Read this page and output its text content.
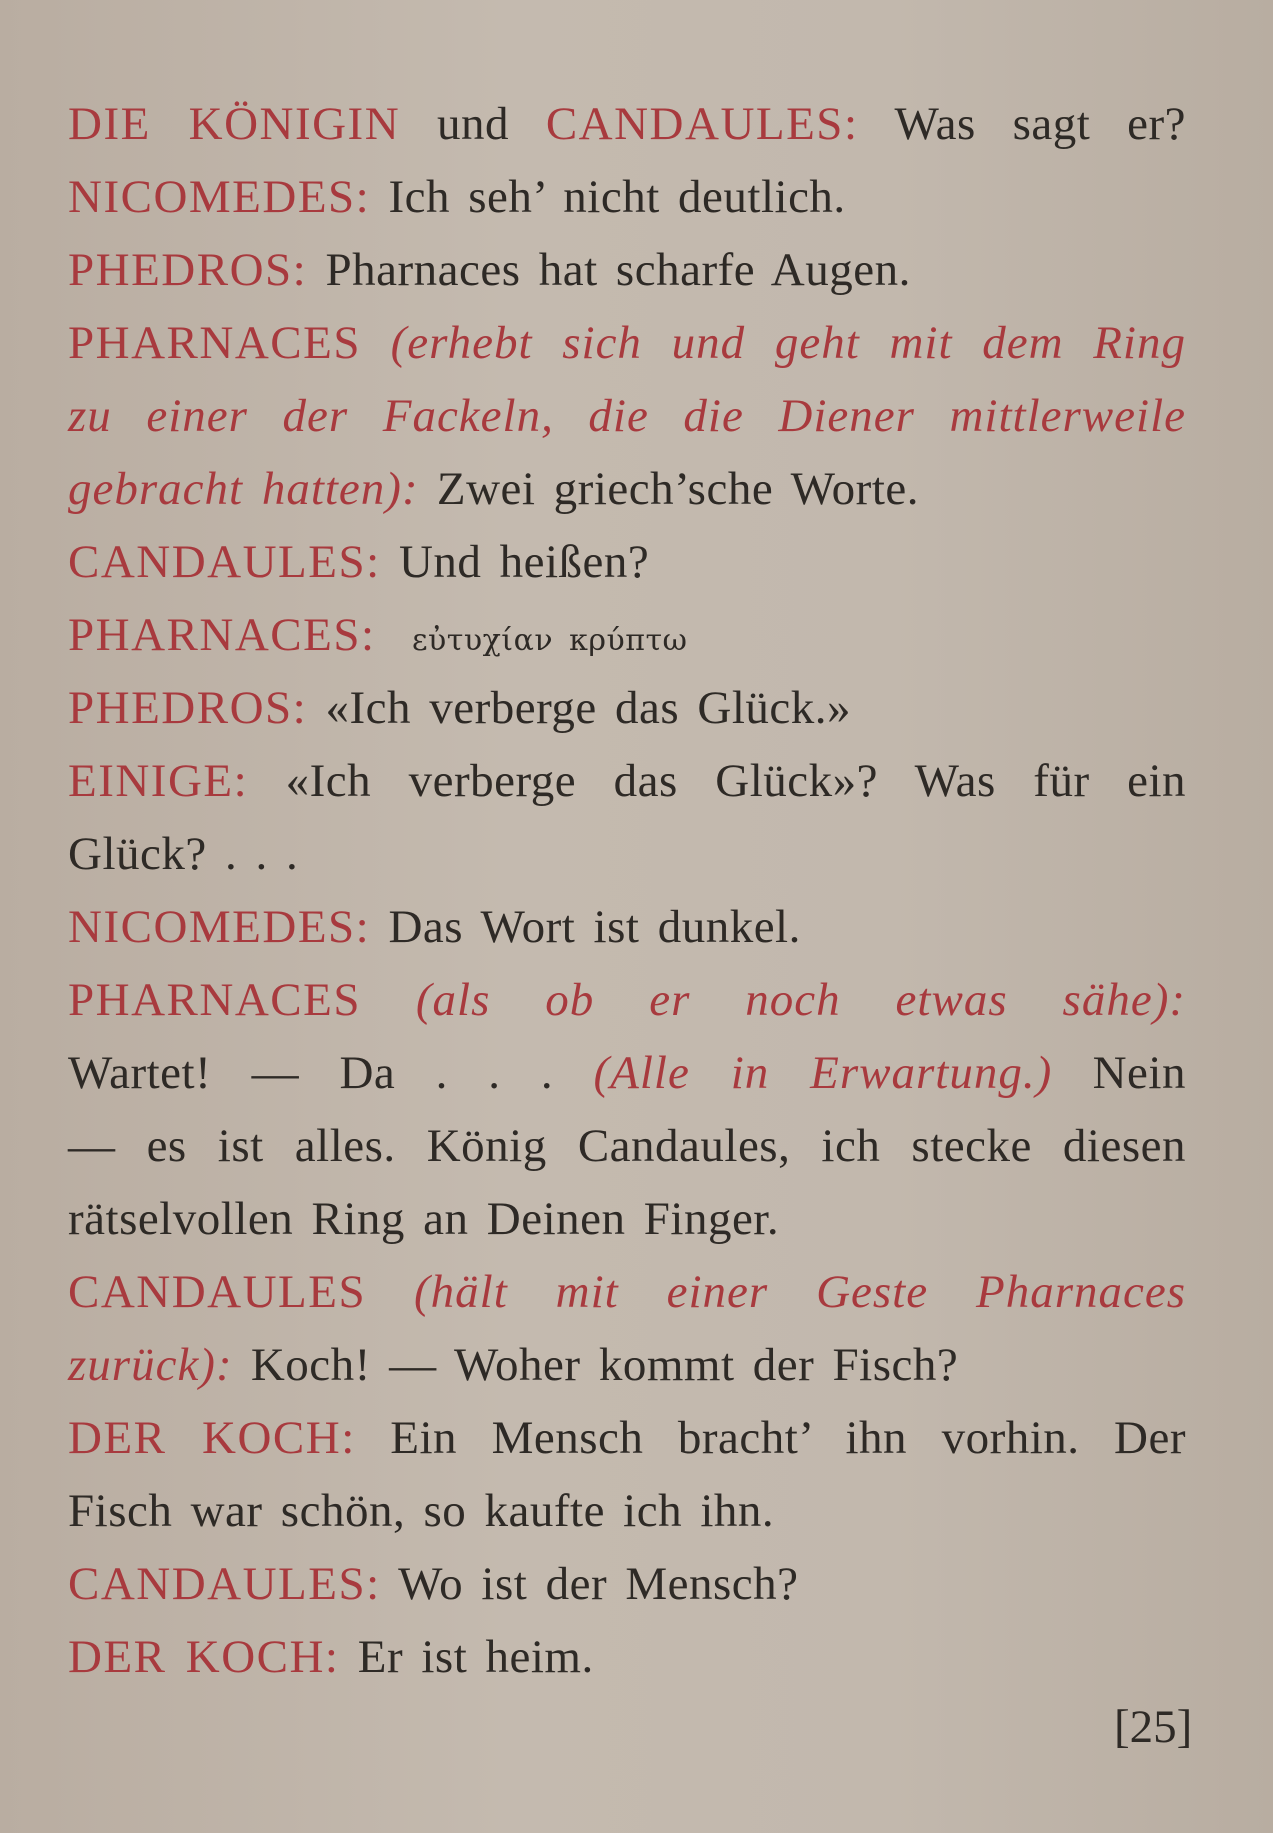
DIE KÖNIGIN und CANDAULES: Was sagt er?
NICOMEDES: Ich seh’ nicht deutlich.
PHEDROS: Pharnaces hat scharfe Augen.
PHARNACES (erhebt sich und geht mit dem Ring
zu einer der Fackeln, die die Diener mittlerweile
gebracht hatten): Zwei griech’sche Worte.
CANDAULES: Und heißen?
PHARNACES: εὐτυχίαν κρύπτω
PHEDROS: «Ich verberge das Glück.»
EINIGE: «Ich verberge das Glück»? Was für ein
Glück? . . .
NICOMEDES: Das Wort ist dunkel.
PHARNACES (als ob er noch etwas sähe):
Wartet! — Da . . . (Alle in Erwartung.) Nein
— es ist alles. König Candaules, ich stecke diesen
rätselvollen Ring an Deinen Finger.
CANDAULES (hält mit einer Geste Pharnaces
zurück): Koch! — Woher kommt der Fisch?
DER KOCH: Ein Mensch bracht’ ihn vorhin. Der
Fisch war schön, so kaufte ich ihn.
CANDAULES: Wo ist der Mensch?
DER KOCH: Er ist heim.
[25]
